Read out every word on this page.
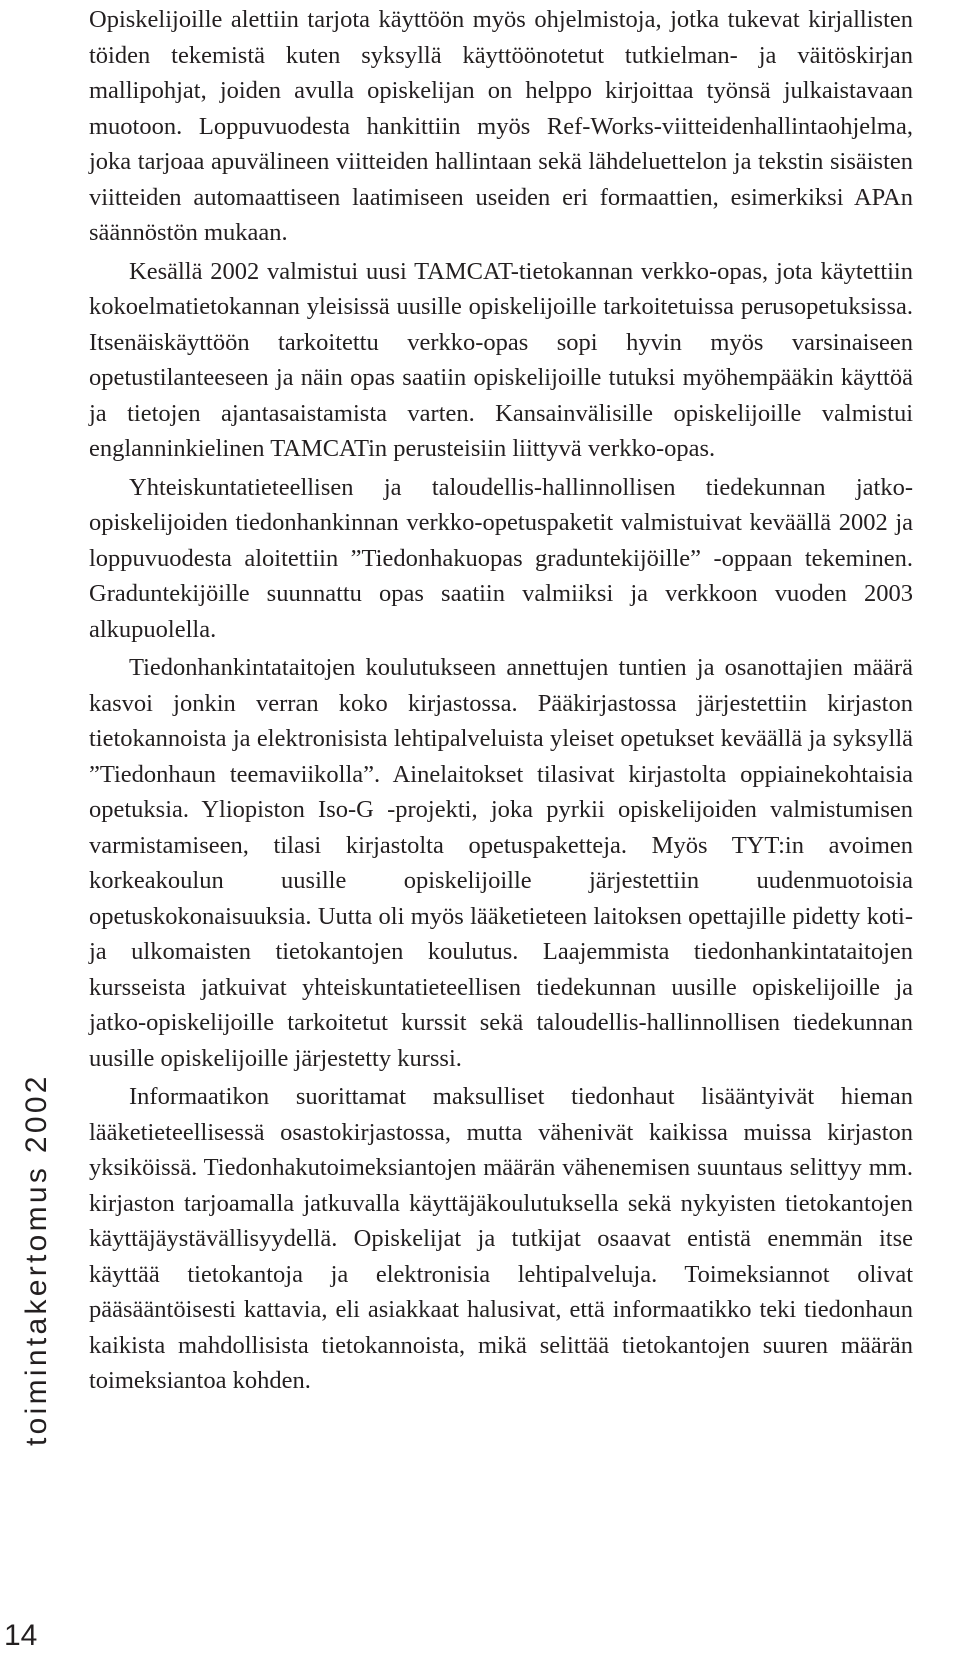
toimintakertomus 2002
14

Opiskelijoille alettiin tarjota käyttöön myös ohjelmistoja, jotka tukevat kirjallisten töiden tekemistä kuten syksyllä käyttöönotetut tutkielman- ja väitöskirjan mallipohjat, joiden avulla opiskelijan on helppo kirjoittaa työnsä julkaistavaan muotoon. Loppuvuodesta hankittiin myös Ref-Works-viitteidenhallintaohjelma, joka tarjoaa apuvälineen viitteiden hallintaan sekä lähdeluettelon ja tekstin sisäisten viitteiden automaattiseen laatimiseen useiden eri formaattien, esimerkiksi APAn säännöstön mukaan.

Kesällä 2002 valmistui uusi TAMCAT-tietokannan verkko-opas, jota käytettiin kokoelmatietokannan yleisissä uusille opiskelijoille tarkoitetuissa perusopetuksissa. Itsenäiskäyttöön tarkoitettu verkko-opas sopi hyvin myös varsinaiseen opetustilanteeseen ja näin opas saatiin opiskelijoille tutuksi myöhempääkin käyttöä ja tietojen ajantasaistamista varten. Kansainvälisille opiskelijoille valmistui englanninkielinen TAMCATin perusteisiin liittyvä verkko-opas.

Yhteiskuntatieteellisen ja taloudellis-hallinnollisen tiedekunnan jatko-opiskelijoiden tiedonhankinnan verkko-opetuspaketit valmistuivat keväällä 2002 ja loppuvuodesta aloitettiin ”Tiedonhakuopas graduntekijöille” -oppaan tekeminen. Graduntekijöille suunnattu opas saatiin valmiiksi ja verkkoon vuoden 2003 alkupuolella.

Tiedonhankintataitojen koulutukseen annettujen tuntien ja osanottajien määrä kasvoi jonkin verran koko kirjastossa. Pääkirjastossa järjestettiin kirjaston tietokannoista ja elektronisista lehtipalveluista yleiset opetukset keväällä ja syksyllä ”Tiedonhaun teemaviikolla”. Ainelaitokset tilasivat kirjastolta oppiainekohtaisia opetuksia. Yliopiston Iso-G -projekti, joka pyrkii opiskelijoiden valmistumisen varmistamiseen, tilasi kirjastolta opetuspaketteja. Myös TYT:in avoimen korkeakoulun uusille opiskelijoille järjestettiin uudenmuotoisia opetuskokonaisuuksia. Uutta oli myös lääketieteen laitoksen opettajille pidetty koti- ja ulkomaisten tietokantojen koulutus. Laajemmista tiedonhankintataitojen kursseista jatkuivat yhteiskuntatieteellisen tiedekunnan uusille opiskelijoille ja jatko-opiskelijoille tarkoitetut kurssit sekä taloudellis-hallinnollisen tiedekunnan uusille opiskelijoille järjestetty kurssi.

Informaatikon suorittamat maksulliset tiedonhaut lisääntyivät hieman lääketieteellisessä osastokirjastossa, mutta vähenivät kaikissa muissa kirjaston yksiköissä. Tiedonhakutoimeksiantojen määrän vähenemisen suuntaus selittyy mm. kirjaston tarjoamalla jatkuvalla käyttäjäkoulutuksella sekä nykyisten tietokantojen käyttäjäystävällisyydellä. Opiskelijat ja tutkijat osaavat entistä enemmän itse käyttää tietokantoja ja elektronisia lehtipalveluja. Toimeksiannot olivat pääsääntöisesti kattavia, eli asiakkaat halusivat, että informaatikko teki tiedonhaun kaikista mahdollisista tietokannoista, mikä selittää tietokantojen suuren määrän toimeksiantoa kohden.
